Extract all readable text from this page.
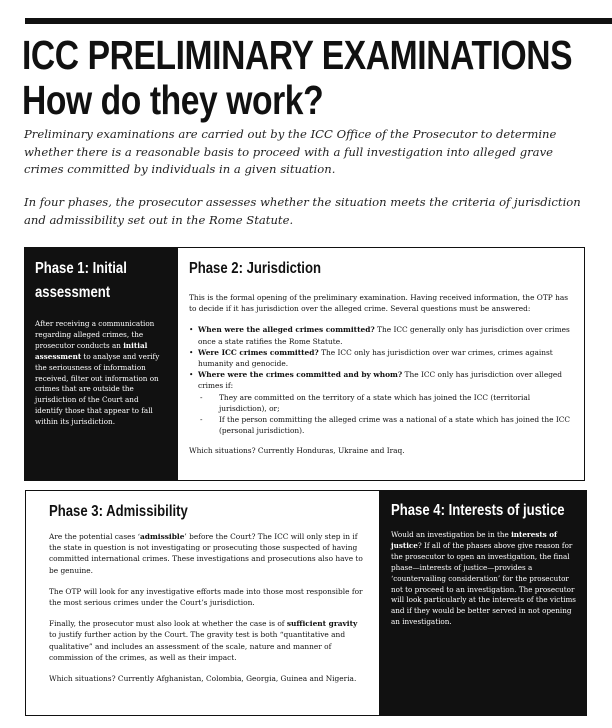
ICC PRELIMINARY EXAMINATIONS
How do they work?

Preliminary examinations are carried out by the ICC Office of the Prosecutor to determine whether there is a reasonable basis to proceed with a full investigation into alleged grave crimes committed by individuals in a given situation.

In four phases, the prosecutor assesses whether the situation meets the criteria of jurisdiction and admissibility set out in the Rome Statute.

Phase 1: Initial assessment

After receiving a communication regarding alleged crimes, the prosecutor conducts an initial assessment to analyse and verify the seriousness of information received, filter out information on crimes that are outside the jurisdiction of the Court and identify those that appear to fall within its jurisdiction.

Phase 2: Jurisdiction

This is the formal opening of the preliminary examination. Having received information, the OTP has to decide if it has jurisdiction over the alleged crime. Several questions must be answered:

• When were the alleged crimes committed? The ICC generally only has jurisdiction over crimes once a state ratifies the Rome Statute.
• Were ICC crimes committed? The ICC only has jurisdiction over war crimes, crimes against humanity and genocide.
• Where were the crimes committed and by whom? The ICC only has jurisdiction over alleged crimes if:
- They are committed on the territory of a state which has joined the ICC (territorial jurisdiction), or;
- If the person committing the alleged crime was a national of a state which has joined the ICC (personal jurisdiction).

Which situations? Currently Honduras, Ukraine and Iraq.

Phase 3: Admissibility

Are the potential cases ‘admissible’ before the Court? The ICC will only step in if the state in question is not investigating or prosecuting those suspected of having committed international crimes. These investigations and prosecutions also have to be genuine.

The OTP will look for any investigative efforts made into those most responsible for the most serious crimes under the Court’s jurisdiction.

Finally, the prosecutor must also look at whether the case is of sufficient gravity to justify further action by the Court. The gravity test is both “quantitative and qualitative” and includes an assessment of the scale, nature and manner of commission of the crimes, as well as their impact.

Which situations? Currently Afghanistan, Colombia, Georgia, Guinea and Nigeria.

Phase 4: Interests of justice

Would an investigation be in the interests of justice? If all of the phases above give reason for the prosecutor to open an investigation, the final phase—interests of justice—provides a ‘countervailing consideration’ for the prosecutor not to proceed to an investigation. The prosecutor will look particularly at the interests of the victims and if they would be better served in not opening an investigation.
